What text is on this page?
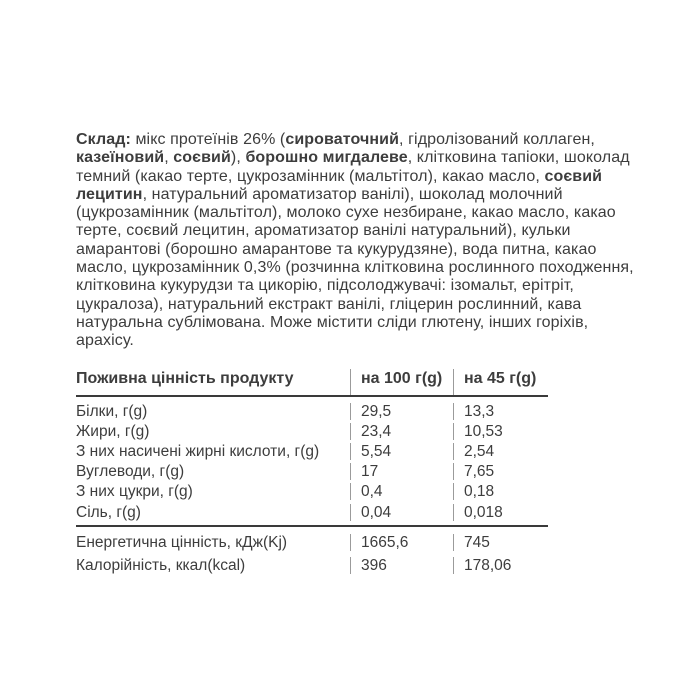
Склад: мікс протеїнів 26% (сироваточний, гідролізований коллаген, казеїновий, соєвий), борошно мигдалеве, клітковина тапіоки, шоколад темний (какао терте, цукрозамінник (мальтітол), какао масло, соєвий лецитин, натуральний ароматизатор ванілі), шоколад молочний (цукрозамінник (мальтітол), молоко сухе незбиране, какао масло, какао терте, соєвий лецитин, ароматизатор ванілі натуральний), кульки амарантові (борошно амарантове та кукурудзяне), вода питна, какао масло, цукрозамінник 0,3% (розчинна клітковина рослинного походження, клітковина кукурудзи та цикорію, підсолоджувачі: ізомальт, ерітріт, цукралоза), натуральний екстракт ванілі, гліцерин рослинний, кава натуральна сублімована. Може містити сліди глютену, інших горіхів, арахісу.

Поживна цінність продукту	на 100 г(g)	на 45 г(g)
Білки, г(g)	29,5	13,3
Жири, г(g)	23,4	10,53
З них насичені жирні кислоти, г(g)	5,54	2,54
Вуглеводи, г(g)	17	7,65
З них цукри, г(g)	0,4	0,18
Сіль, г(g)	0,04	0,018
Енергетична цінність, кДж(Kj)	1665,6	745
Калорійність, ккал(kcal)	396	178,06
